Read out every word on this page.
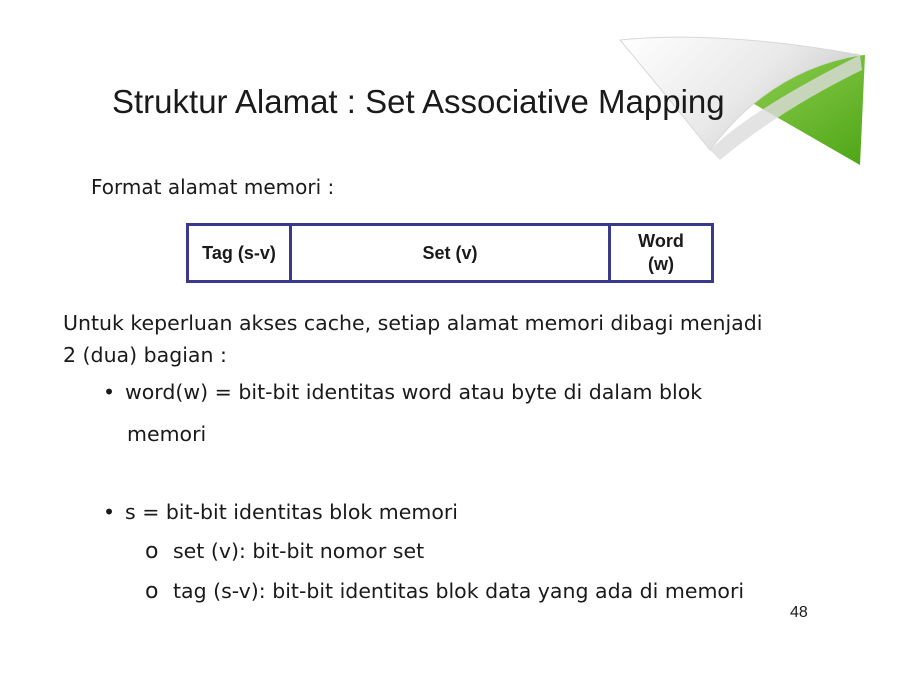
Struktur Alamat : Set Associative Mapping
Format alamat memori :
Tag (s-v)	Set (v)
Word
(w)
Untuk keperluan akses cache, setiap alamat memori dibagi menjadi
2 (dua) bagian :
• word(w) = bit-bit identitas word atau byte di dalam blok
memori
• s = bit-bit identitas blok memori
o set (v): bit-bit nomor set
o tag (s-v): bit-bit identitas blok data yang ada di memori
48
